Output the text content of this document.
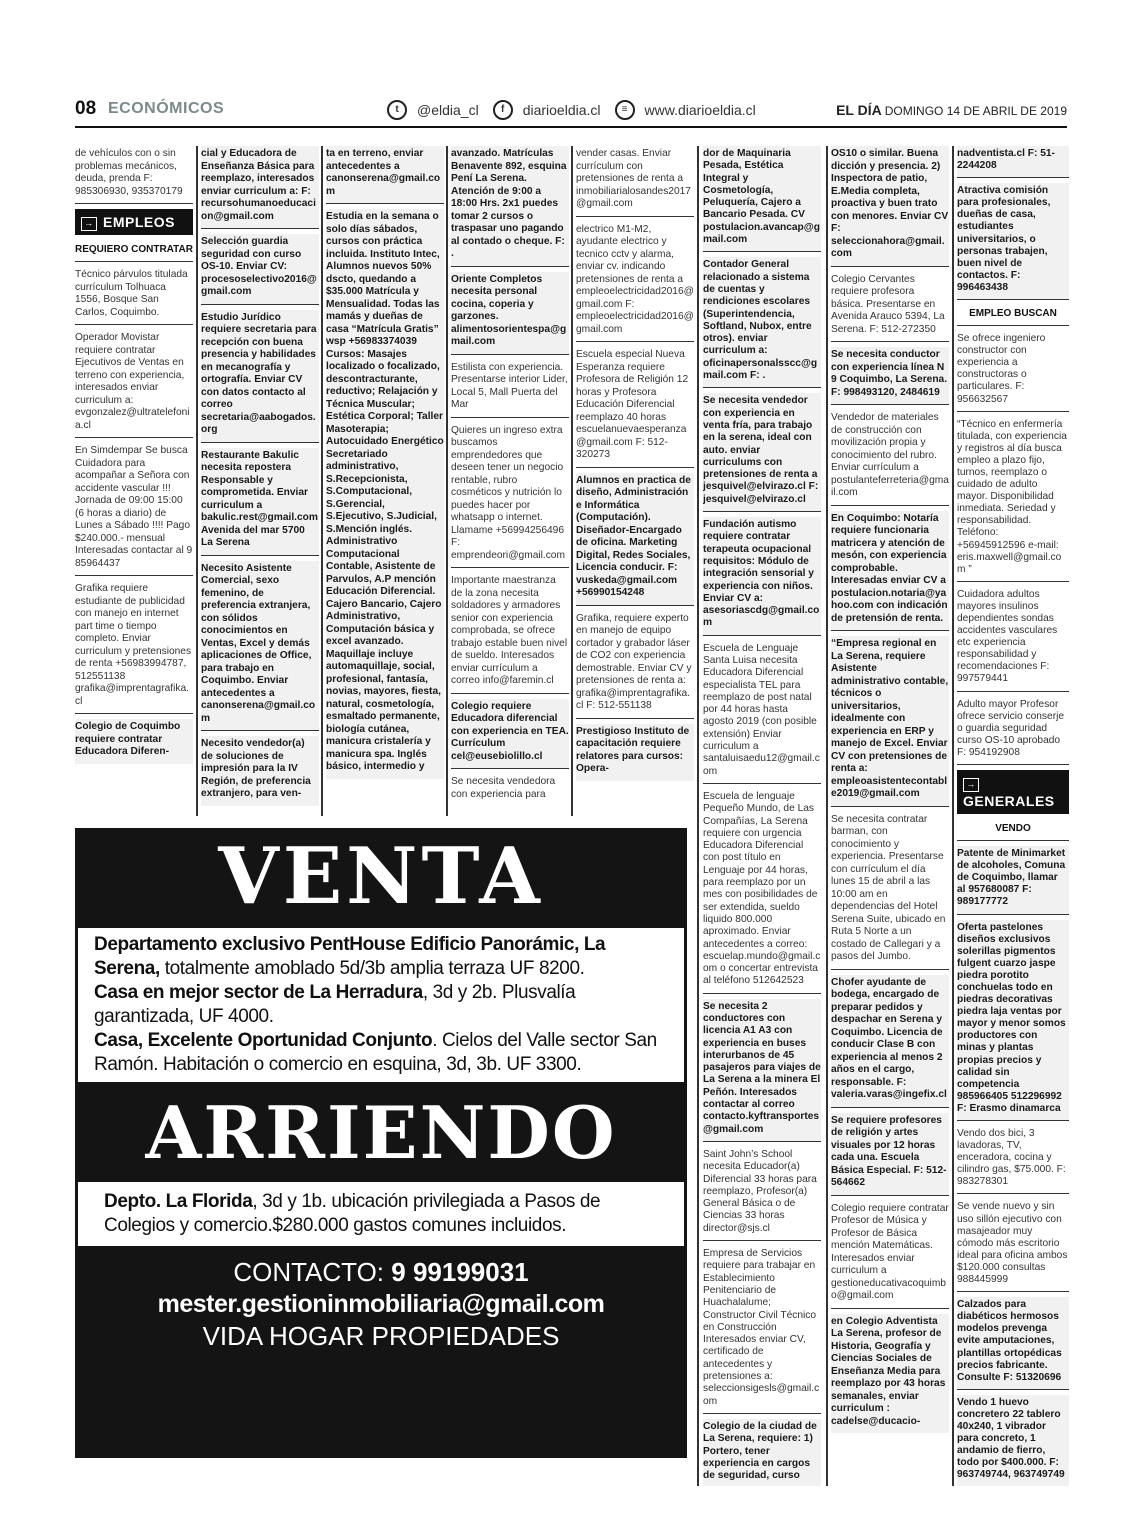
08 ECONÓMICOS	t	@eldia_cl	f	diarioeldia.cl	≡	www.diarioeldia.cl	EL DÍA DOMINGO 14 DE ABRIL DE 2019
de vehículos con o sin problemas mecánicos, deuda, prenda F: 985306930, 935370179
→ EMPLEOS
REQUIERO CONTRATAR
Técnico párvulos titulada currículum Tolhuaca 1556, Bosque San Carlos, Coquimbo.
Operador Movistar requiere contratar Ejecutivos de Ventas en terreno con experiencia, interesados enviar curriculum a: evgonzalez@ultratelefonia.cl
En Simdempar Se busca Cuidadora para acompañar a Señora con accidente vascular !!! Jornada de 09:00 15:00 (6 horas a diario) de Lunes a Sábado !!!! Pago $240.000.- mensual Interesadas contactar al 9 85964437
Grafika requiere estudiante de publicidad con manejo en internet part time o tiempo completo. Enviar curriculum y pretensiones de renta +56983994787, 512551138 grafika@imprentagrafika.cl
Colegio de Coquimbo requiere contratar Educadora Diferen-
cial y Educadora de Enseñanza Básica para reemplazo, interesados enviar curriculum a: F: recursohumanoeducacion@gmail.com
Selección guardia seguridad con curso OS-10. Enviar CV: procesoselectivo2016@gmail.com
Estudio Jurídico requiere secretaria para recepción con buena presencia y habilidades en mecanografía y ortografía. Enviar CV con datos contacto al correo secretaria@aabogados.org
Restaurante Bakulic necesita repostera Responsable y comprometida. Enviar curriculum a bakulic.rest@gmail.com Avenida del mar 5700 La Serena
Necesito Asistente Comercial, sexo femenino, de preferencia extranjera, con sólidos conocimientos en Ventas, Excel y demás aplicaciones de Office, para trabajo en Coquimbo. Enviar antecedentes a canonserena@gmail.com
Necesito vendedor(a) de soluciones de impresión para la IV Región, de preferencia extranjero, para ven-
ta en terreno, enviar antecedentes a canonserena@gmail.com
Estudia en la semana o solo días sábados, cursos con práctica incluida. Instituto Intec, Alumnos nuevos 50% dscto, quedando a $35.000 Matrícula y Mensualidad. Todas las mamás y dueñas de casa “Matrícula Gratis” wsp +56983374039 Cursos: Masajes localizado o focalizado, descontracturante, reductivo; Relajación y Técnica Muscular; Estética Corporal; Taller Masoterapia; Autocuidado Energético Secretariado administrativo, S.Recepcionista, S.Computacional, S.Gerencial, S.Ejecutivo, S.Judicial, S.Mención inglés. Administrativo Computacional Contable, Asistente de Parvulos, A.P mención Educación Diferencial. Cajero Bancario, Cajero Administrativo, Computación básica y excel avanzado. Maquillaje incluye automaquillaje, social, profesional, fantasía, novias, mayores, fiesta, natural, cosmetología, esmaltado permanente, biología cutánea, manicura cristalería y manicura spa. Inglés básico, intermedio y
avanzado. Matrículas Benavente 892, esquina Pení La Serena. Atención de 9:00 a 18:00 Hrs. 2x1 puedes tomar 2 cursos o traspasar uno pagando al contado o cheque. F: .
Oriente Completos necesita personal cocina, coperia y garzones. alimentosorientespa@gmail.com
Estilista con experiencia. Presentarse interior Lider, Local 5, Mall Puerta del Mar
Quieres un ingreso extra buscamos emprendedores que deseen tener un negocio rentable, rubro cosméticos y nutrición lo puedes hacer por whatsapp o internet. Llamame +56994256496 F: emprendeori@gmail.com
Importante maestranza de la zona necesita soldadores y armadores senior con experiencia comprobada, se ofrece trabajo estable buen nivel de sueldo. Interesados enviar currículum a correo info@faremin.cl
Colegio requiere Educadora diferencial con experiencia en TEA. Currículum cel@eusebiolillo.cl
Se necesita vendedora con experiencia para
vender casas. Enviar currículum con pretensiones de renta a inmobiliarialosandes2017@gmail.com
electrico M1-M2, ayudante electrico y tecnico cctv y alarma, enviar cv. indicando pretensiones de renta a empleoelectricidad2016@gmail.com F: empleoelectricidad2016@gmail.com
Escuela especial Nueva Esperanza requiere Profesora de Religión 12 horas y Profesora Educación Diferencial reemplazo 40 horas escuelanuevaesperanza@gmail.com F: 512-320273
Alumnos en practica de diseño, Administración e Informática (Computación). Diseñador-Encargado de oficina. Marketing Digital, Redes Sociales, Licencia conducir. F: vuskeda@gmail.com +56990154248
Grafika, requiere experto en manejo de equipo cortador y grabador láser de CO2 con experiencia demostrable. Enviar CV y pretensiones de renta a: grafika@imprentagrafika.cl F: 512-551138
Prestigioso Instituto de capacitación requiere relatores para cursos: Opera-
dor de Maquinaria Pesada, Estética Integral y Cosmetología, Peluquería, Cajero a Bancario Pesada. CV postulacion.avancap@gmail.com
Contador General relacionado a sistema de cuentas y rendiciones escolares (Superintendencia, Softland, Nubox, entre otros). enviar curriculum a: oficinapersonalsscc@gmail.com F: .
Se necesita vendedor con experiencia en venta fría, para trabajo en la serena, ideal con auto. enviar curriculums con pretensiones de renta a jesquivel@elvirazo.cl F: jesquivel@elvirazo.cl
Fundación autismo requiere contratar terapeuta ocupacional requisitos: Módulo de integración sensorial y experiencia con niños. Enviar CV a: asesoriascdg@gmail.com
Escuela de Lenguaje Santa Luisa necesita Educadora Diferencial especialista TEL para reemplazo de post natal por 44 horas hasta agosto 2019 (con posible extensión) Enviar curriculum a santaluisaedu12@gmail.com
Escuela de lenguaje Pequeño Mundo, de Las Compañías, La Serena requiere con urgencia Educadora Diferencial con post título en Lenguaje por 44 horas, para reemplazo por un mes con posibilidades de ser extendida, sueldo liquido 800.000 aproximado. Enviar antecedentes a correo: escuelap.mundo@gmail.com o concertar entrevista al teléfono 512642523
Se necesita 2 conductores con licencia A1 A3 con experiencia en buses interurbanos de 45 pasajeros para viajes de La Serena a la minera El Peñón. Interesados contactar al correo contacto.kyftransportes@gmail.com
Saint John’s School necesita Educador(a) Diferencial 33 horas para reemplazo, Profesor(a) General Básica o de Ciencias 33 horas director@sjs.cl
Empresa de Servicios requiere para trabajar en Establecimiento Penitenciario de Huachalalume; Constructor Civil Técnico en Construcción Interesados enviar CV, certificado de antecedentes y pretensiones a: seleccionsigesls@gmail.com
Colegio de la ciudad de La Serena, requiere: 1) Portero, tener experiencia en cargos de seguridad, curso
OS10 o similar. Buena dicción y presencia. 2) Inspectora de patio, E.Media completa, proactiva y buen trato con menores. Enviar CV F: seleccionahora@gmail.com
Colegio Cervantes requiere profesora básica. Presentarse en Avenida Arauco 5394, La Serena. F: 512-272350
Se necesita conductor con experiencia línea N 9 Coquimbo, La Serena. F: 998493120, 2484619
Vendedor de materiales de construcción con movilización propia y conocimiento del rubro. Enviar currículum a postulanteferreteria@gmail.com
En Coquimbo: Notaría requiere funcionaria matricera y atención de mesón, con experiencia comprobable. Interesadas enviar CV a postulacion.notaria@yahoo.com con indicación de pretensión de renta.
“Empresa regional en La Serena, requiere Asistente administrativo contable, técnicos o universitarios, idealmente con experiencia en ERP y manejo de Excel. Enviar CV con pretensiones de renta a: empleoasistentecontable2019@gmail.com
Se necesita contratar barman, con conocimiento y experiencia. Presentarse con currículum el día lunes 15 de abril a las 10:00 am en dependencias del Hotel Serena Suite, ubicado en Ruta 5 Norte a un costado de Callegari y a pasos del Jumbo.
Chofer ayudante de bodega, encargado de preparar pedidos y despachar en Serena y Coquimbo. Licencia de conducir Clase B con experiencia al menos 2 años en el cargo, responsable. F: valeria.varas@ingefix.cl
Se requiere profesores de religión y artes visuales por 12 horas cada una. Escuela Básica Especial. F: 512-564662
Colegio requiere contratar Profesor de Música y Profesor de Básica mención Matemáticas. Interesados enviar curriculum a gestioneducativacoquimbo@gmail.com
en Colegio Adventista La Serena, profesor de Historia, Geografía y Ciencias Sociales de Enseñanza Media para reemplazo por 43 horas semanales, enviar curriculum : cadelse@ducacio-
nadventista.cl F: 51-2244208
Atractiva comisión para profesionales, dueñas de casa, estudiantes universitarios, o personas trabajen, buen nivel de contactos. F: 996463438
EMPLEO BUSCAN
Se ofrece ingeniero constructor con experiencia a constructoras o particulares. F: 956632567
“Técnico en enfermería titulada, con experiencia y registros al día busca empleo a plazo fijo, turnos, reemplazo o cuidado de adulto mayor. Disponibilidad inmediata. Seriedad y responsabilidad. Teléfono: +56945912596 e-mail: eris.maxwell@gmail.com ”
Cuidadora adultos mayores insulinos dependientes sondas accidentes vasculares etc experiencia responsabilidad y recomendaciones F: 997579441
Adulto mayor Profesor ofrece servicio conserje o guardia seguridad curso OS-10 aprobado F: 954192908
→GENERALES
VENDO
Patente de Minimarket de alcoholes, Comuna de Coquimbo, llamar al 957680087 F: 989177772
Oferta pastelones diseños exclusivos solerillas pigmentos fulgent cuarzo jaspe piedra porotito conchuelas todo en piedras decorativas piedra laja ventas por mayor y menor somos productores con minas y plantas propias precios y calidad sin competencia 985966405 512296992 F: Erasmo dinamarca
Vendo dos bici, 3 lavadoras, TV, enceradora, cocina y cilindro gas, $75.000. F: 983278301
Se vende nuevo y sin uso sillón ejecutivo con masajeador muy cómodo más escritorio ideal para oficina ambos $120.000 consultas 988445999
Calzados para diabéticos hermosos modelos prevenga evite amputaciones, plantillas ortopédicas precios fabricante. Consulte F: 51320696
Vendo 1 huevo concretero 22 tablero 40x240, 1 vibrador para concreto, 1 andamio de fierro, todo por $400.000. F: 963749744, 963749749
VENTA
Departamento exclusivo PentHouse Edificio Panorámic, La Serena, totalmente amoblado 5d/3b amplia terraza UF 8200.
Casa en mejor sector de La Herradura, 3d y 2b. Plusvalía garantizada, UF 4000.
Casa, Excelente Oportunidad Conjunto. Cielos del Valle sector San Ramón. Habitación o comercio en esquina, 3d, 3b. UF 3300.
ARRIENDO
Depto. La Florida, 3d y 1b. ubicación privilegiada a Pasos de Colegios y comercio.$280.000 gastos comunes incluidos.
CONTACTO: 9 99199031
mester.gestioninmobiliaria@gmail.com
VIDA HOGAR PROPIEDADES
